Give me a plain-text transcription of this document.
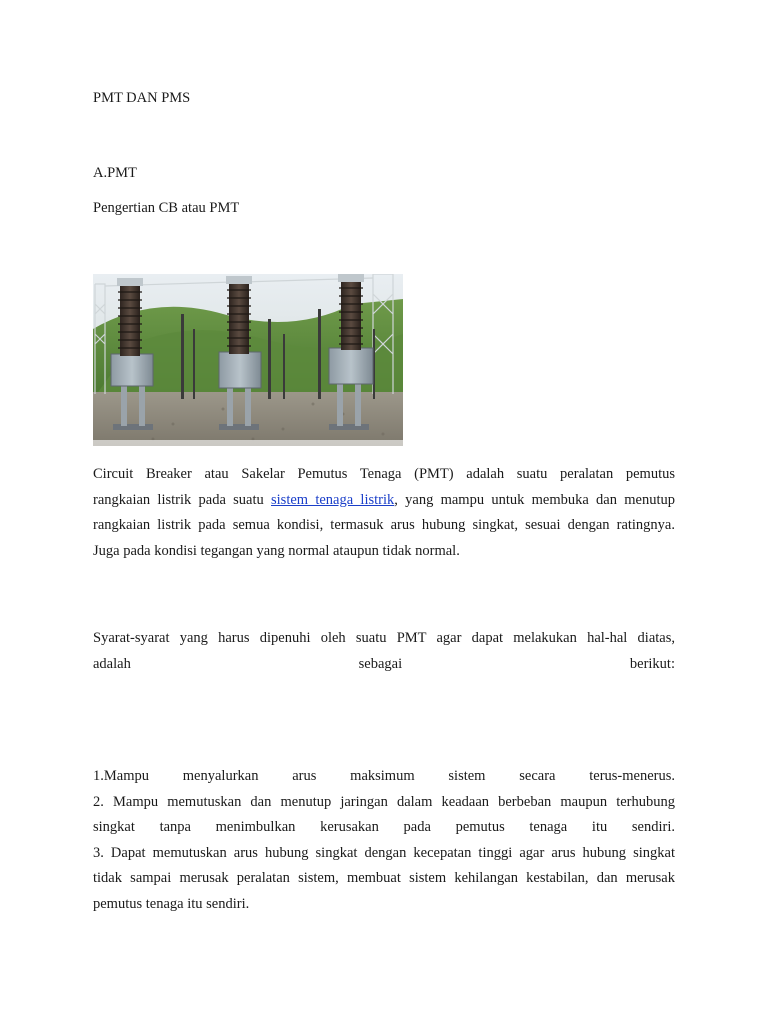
PMT DAN PMS
A.PMT
Pengertian CB atau PMT
Circuit Breaker atau Sakelar Pemutus Tenaga (PMT) adalah suatu peralatan pemutus
rangkaian listrik pada suatu sistem tenaga listrik, yang mampu untuk membuka dan menutup
rangkaian listrik pada semua kondisi, termasuk arus hubung singkat, sesuai dengan ratingnya.
Juga pada kondisi tegangan yang normal ataupun tidak normal.
Syarat-syarat yang harus dipenuhi oleh suatu PMT agar dapat melakukan hal-hal diatas,
adalah sebagai berikut:
1.Mampu menyalurkan arus maksimum sistem secara terus-menerus.
2. Mampu memutuskan dan menutup jaringan dalam keadaan berbeban maupun terhubung
singkat tanpa menimbulkan kerusakan pada pemutus tenaga itu sendiri.
3. Dapat memutuskan arus hubung singkat dengan kecepatan tinggi agar arus hubung singkat
tidak sampai merusak peralatan sistem, membuat sistem kehilangan kestabilan, dan merusak
pemutus tenaga itu sendiri.
